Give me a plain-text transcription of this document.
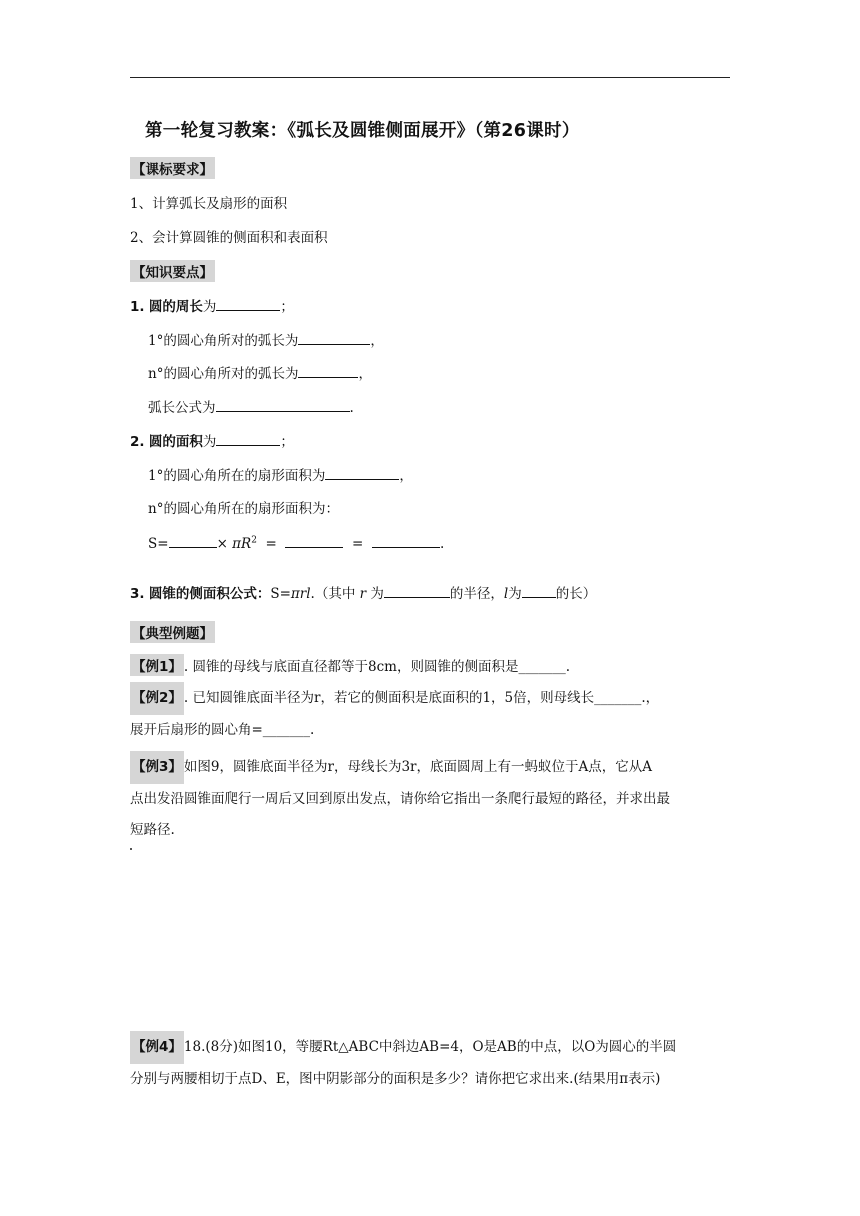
第一轮复习教案：《弧长及圆锥侧面展开》（第26课时）
【课标要求】
1、计算弧长及扇形的面积
2、会计算圆锥的侧面积和表面积
【知识要点】
1. 圆的周长为	；
1°的圆心角所对的弧长为	，
n°的圆心角所对的弧长为	，
弧长公式为	.
2. 圆的面积为	；
1°的圆心角所在的扇形面积为	，
n°的圆心角所在的扇形面积为：
S=	× $\pi R^2$ =	=	.
3. 圆锥的侧面积公式：S=πrl.（其中 r 为	的半径，l为	的长）
【典型例题】
【例1】 . 圆锥的母线与底面直径都等于8cm，则圆锥的侧面积是_______.
【例2】 . 已知圆锥底面半径为r，若它的侧面积是底面积的1，5倍，则母线长_______.，
展开后扇形的圆心角=_______.
【例3】 如图9，圆锥底面半径为r，母线长为3r，底面圆周上有一蚂蚁位于A点，它从A
点出发沿圆锥面爬行一周后又回到原出发点，请你给它指出一条爬行最短的路径，并求出最
短路径.
【例4】 18.(8分)如图10，等腰Rt△ABC中斜边AB=4，O是AB的中点，以O为圆心的半圆
分别与两腰相切于点D、E，图中阴影部分的面积是多少？请你把它求出来.(结果用π表示)
